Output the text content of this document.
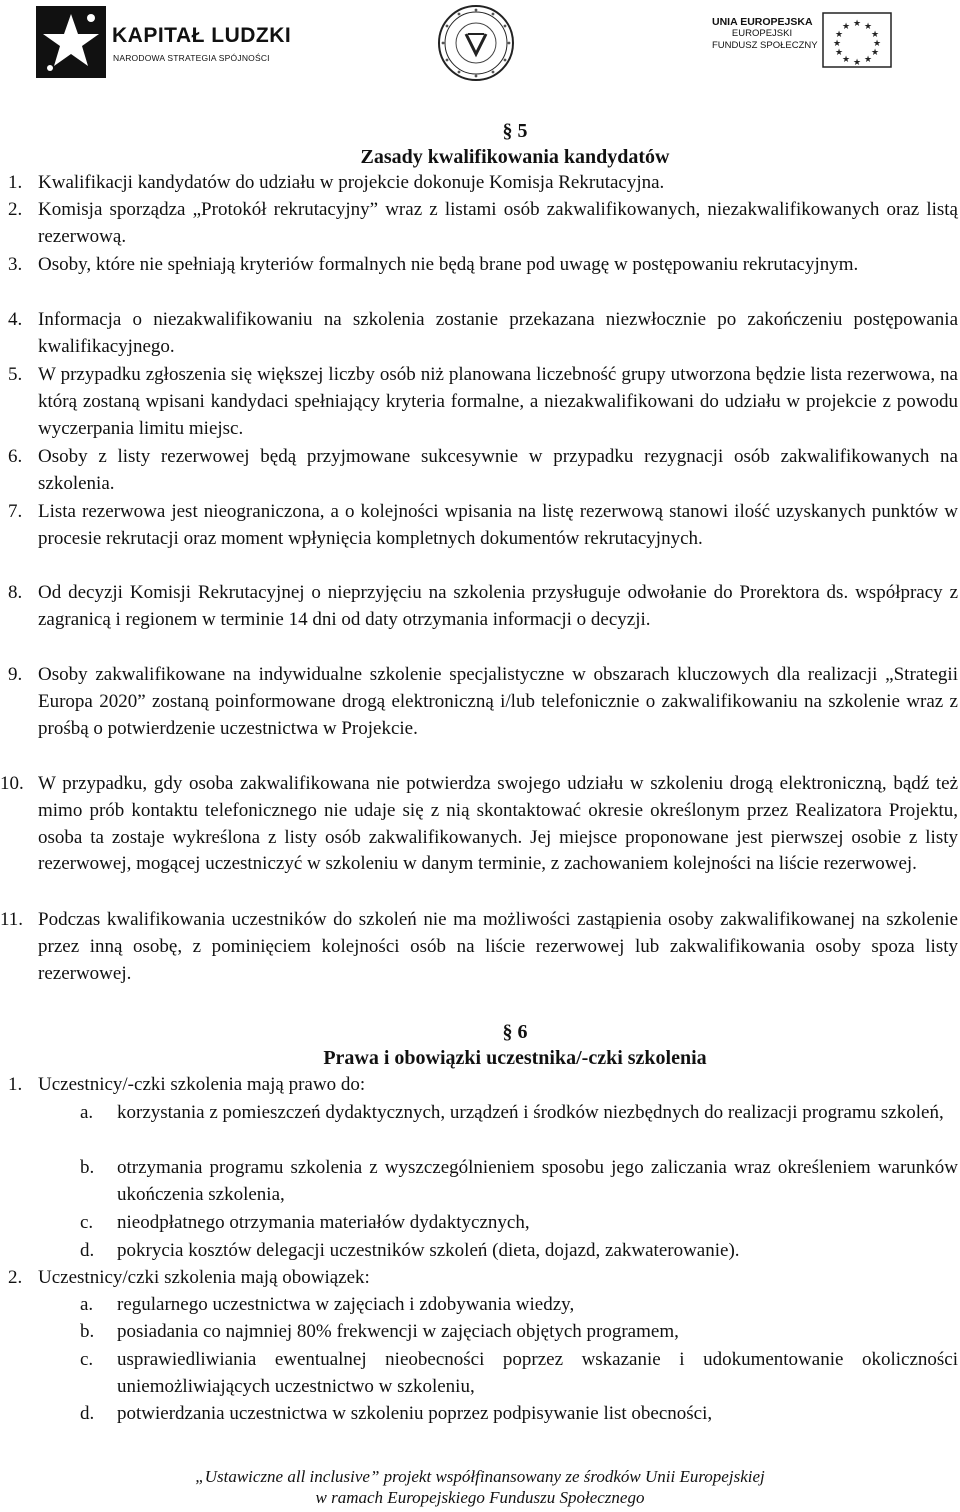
KAPITAŁ LUDZKI
NARODOWA STRATEGIA SPÓJNOŚCI
UNIA EUROPEJSKA
EUROPEJSKI
FUNDUSZ SPOŁECZNY
★ ★
★
★
★
★
★
★
★
★
★
★
§ 5
Zasady kwalifikowania kandydatów
1. Kwalifikacji kandydatów do udziału w projekcie dokonuje Komisja Rekrutacyjna.
2. Komisja sporządza „Protokół rekrutacyjny” wraz z listami osób zakwalifikowanych, niezakwalifikowanych oraz listą rezerwową.
3. Osoby, które nie spełniają kryteriów formalnych nie będą brane pod uwagę w postępowaniu rekrutacyjnym.
4. Informacja o niezakwalifikowaniu na szkolenia zostanie przekazana niezwłocznie po zakończeniu postępowania kwalifikacyjnego.
5. W przypadku zgłoszenia się większej liczby osób niż planowana liczebność grupy utworzona będzie lista rezerwowa, na którą zostaną wpisani kandydaci spełniający kryteria formalne, a niezakwalifikowani do udziału w projekcie z powodu wyczerpania limitu miejsc.
6. Osoby z listy rezerwowej będą przyjmowane sukcesywnie w przypadku rezygnacji osób zakwalifikowanych na szkolenia.
7. Lista rezerwowa jest nieograniczona, a o kolejności wpisania na listę rezerwową stanowi ilość uzyskanych punktów w procesie rekrutacji oraz moment wpłynięcia kompletnych dokumentów rekrutacyjnych.
8. Od decyzji Komisji Rekrutacyjnej o nieprzyjęciu na szkolenia przysługuje odwołanie do Prorektora ds. współpracy z zagranicą i regionem w terminie 14 dni od daty otrzymania informacji o decyzji.
9. Osoby zakwalifikowane na indywidualne szkolenie specjalistyczne w obszarach kluczowych dla realizacji „Strategii Europa 2020” zostaną poinformowane drogą elektroniczną i/lub telefonicznie o zakwalifikowaniu na szkolenie wraz z prośbą o potwierdzenie uczestnictwa w Projekcie.
10. W przypadku, gdy osoba zakwalifikowana nie potwierdza swojego udziału w szkoleniu drogą elektroniczną, bądź też mimo prób kontaktu telefonicznego nie udaje się z nią skontaktować okresie określonym przez Realizatora Projektu, osoba ta zostaje wykreślona z listy osób zakwalifikowanych. Jej miejsce proponowane jest pierwszej osobie z listy rezerwowej, mogącej uczestniczyć w szkoleniu w danym terminie, z zachowaniem kolejności na liście rezerwowej.
11. Podczas kwalifikowania uczestników do szkoleń nie ma możliwości zastąpienia osoby zakwalifikowanej na szkolenie przez inną osobę, z pominięciem kolejności osób na liście rezerwowej lub zakwalifikowania osoby spoza listy rezerwowej.
§ 6
Prawa i obowiązki uczestnika/-czki szkolenia
1. Uczestnicy/-czki szkolenia mają prawo do:
a. korzystania z pomieszczeń dydaktycznych, urządzeń i środków niezbędnych do realizacji programu szkoleń,
b. otrzymania programu szkolenia z wyszczególnieniem sposobu jego zaliczania wraz określeniem warunków ukończenia szkolenia,
c. nieodpłatnego otrzymania materiałów dydaktycznych,
d. pokrycia kosztów delegacji uczestników szkoleń (dieta, dojazd, zakwaterowanie).
2. Uczestnicy/czki szkolenia mają obowiązek:
a. regularnego uczestnictwa w zajęciach i zdobywania wiedzy,
b. posiadania co najmniej 80% frekwencji w zajęciach objętych programem,
c. usprawiedliwiania ewentualnej nieobecności poprzez wskazanie i udokumentowanie okoliczności uniemożliwiających uczestnictwo w szkoleniu,
d. potwierdzania uczestnictwa w szkoleniu poprzez podpisywanie list obecności,
„Ustawiczne all inclusive” projekt współfinansowany ze środków Unii Europejskiej
w ramach Europejskiego Funduszu Społecznego
